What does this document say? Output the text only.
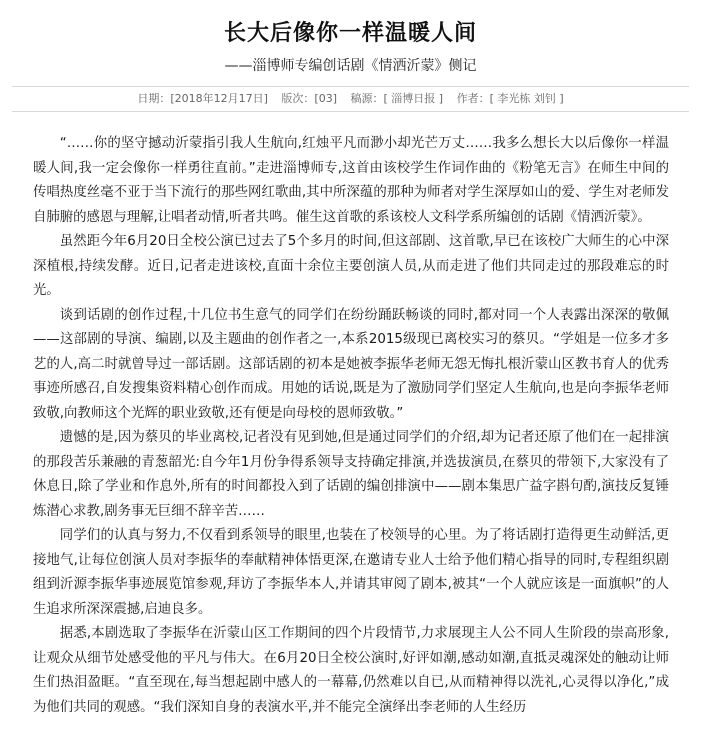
长大后像你一样温暖人间
——淄博师专编创话剧《情洒沂蒙》侧记
日期：[2018年12月17日] 版次：[03] 稿源：[ 淄博日报 ] 作者：[ 李光栋 刘钊 ]

“……你的坚守撼动沂蒙指引我人生航向,红烛平凡而渺小却光芒万丈……我多么想长大以后像你一样温暖人间,我一定会像你一样勇往直前。”走进淄博师专,这首由该校学生作词作曲的《粉笔无言》在师生中间的传唱热度丝毫不亚于当下流行的那些网红歌曲,其中所深蕴的那种为师者对学生深厚如山的爱、学生对老师发自肺腑的感恩与理解,让唱者动情,听者共鸣。催生这首歌的系该校人文科学系所编创的话剧《情洒沂蒙》。

虽然距今年6月20日全校公演已过去了5个多月的时间,但这部剧、这首歌,早已在该校广大师生的心中深深植根,持续发酵。近日,记者走进该校,直面十余位主要创演人员,从而走进了他们共同走过的那段难忘的时光。

谈到话剧的创作过程,十几位书生意气的同学们在纷纷踊跃畅谈的同时,都对同一个人表露出深深的敬佩——这部剧的导演、编剧,以及主题曲的创作者之一,本系2015级现已离校实习的蔡贝。“学姐是一位多才多艺的人,高二时就曾导过一部话剧。这部话剧的初本是她被李振华老师无怨无悔扎根沂蒙山区教书育人的优秀事迹所感召,自发搜集资料精心创作而成。用她的话说,既是为了激励同学们坚定人生航向,也是向李振华老师致敬,向教师这个光辉的职业致敬,还有便是向母校的恩师致敬。”

遗憾的是,因为蔡贝的毕业离校,记者没有见到她,但是通过同学们的介绍,却为记者还原了他们在一起排演的那段苦乐兼融的青葱韶光:自今年1月份争得系领导支持确定排演,并选拔演员,在蔡贝的带领下,大家没有了休息日,除了学业和作息外,所有的时间都投入到了话剧的编创排演中——剧本集思广益字斟句酌,演技反复锤炼潜心求教,剧务事无巨细不辞辛苦……

同学们的认真与努力,不仅看到系领导的眼里,也装在了校领导的心里。为了将话剧打造得更生动鲜活,更接地气,让每位创演人员对李振华的奉献精神体悟更深,在邀请专业人士给予他们精心指导的同时,专程组织剧组到沂源李振华事迹展览馆参观,拜访了李振华本人,并请其审阅了剧本,被其“一个人就应该是一面旗帜”的人生追求所深深震撼,启迪良多。

据悉,本剧选取了李振华在沂蒙山区工作期间的四个片段情节,力求展现主人公不同人生阶段的崇高形象,让观众从细节处感受他的平凡与伟大。在6月20日全校公演时,好评如潮,感动如潮,直抵灵魂深处的触动让师生们热泪盈眶。“直至现在,每当想起剧中感人的一幕幕,仍然难以自已,从而精神得以洗礼,心灵得以净化,”成为他们共同的观感。“我们深知自身的表演水平,并不能完全演绎出李老师的人生经历
